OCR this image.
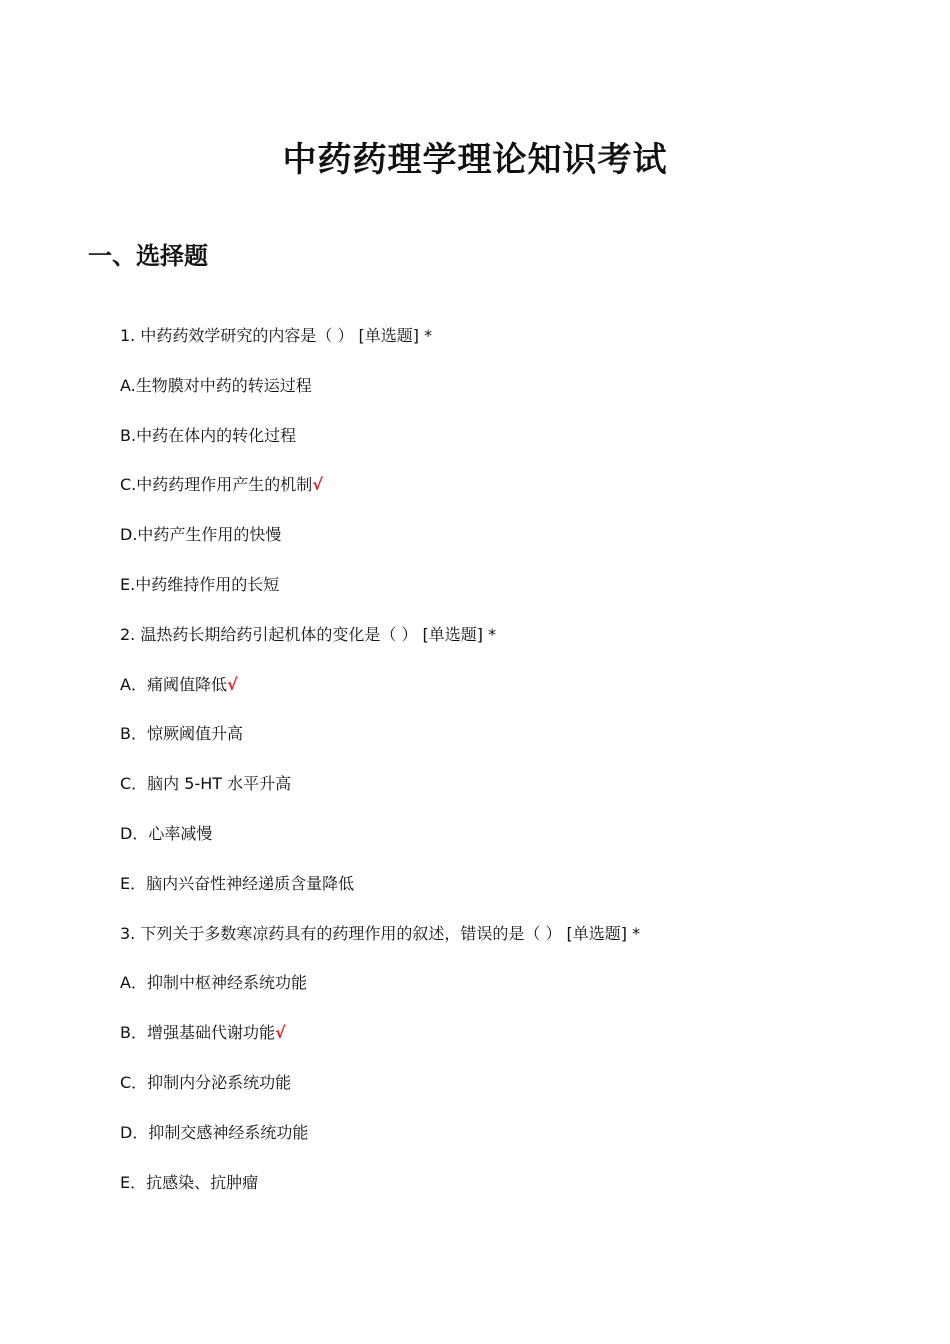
中药药理学理论知识考试
一、选择题
1. 中药药效学研究的内容是（ ） [单选题] *
A.生物膜对中药的转运过程
B.中药在体内的转化过程
C.中药药理作用产生的机制√
D.中药产生作用的快慢
E.中药维持作用的长短
2. 温热药长期给药引起机体的变化是（ ） [单选题] *
A．痛阈值降低√
B．惊厥阈值升高
C．脑内 5-HT 水平升高
D．心率减慢
E．脑内兴奋性神经递质含量降低
3. 下列关于多数寒凉药具有的药理作用的叙述，错误的是（ ） [单选题] *
A．抑制中枢神经系统功能
B．增强基础代谢功能√
C．抑制内分泌系统功能
D．抑制交感神经系统功能
E．抗感染、抗肿瘤
